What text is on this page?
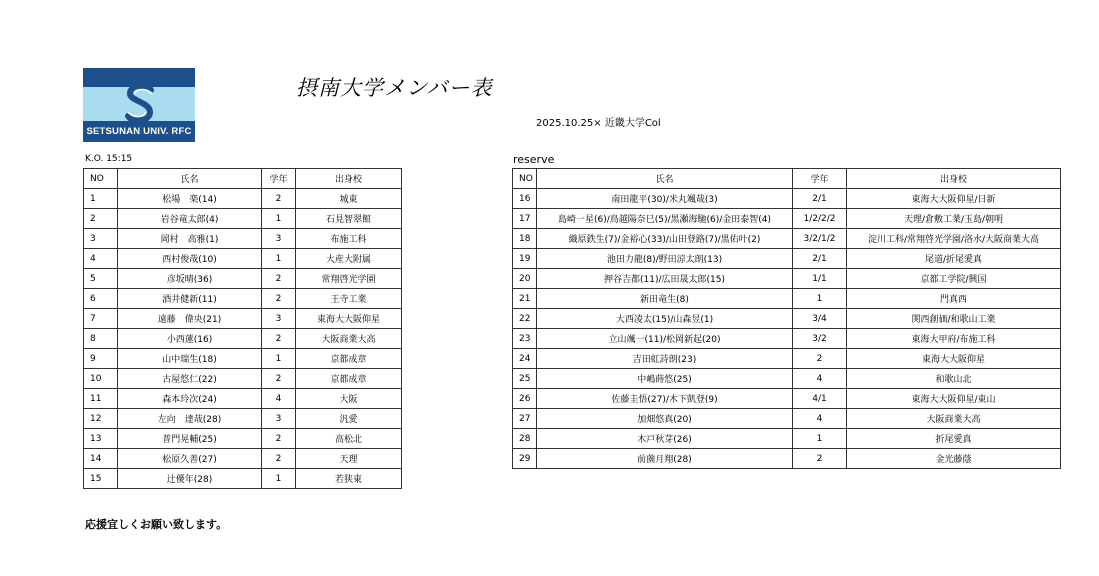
SETSUNAN UNIV. RFC
摂南大学メンバー表
2025.10.25× 近畿大学Col
K.O. 15:15	reserve
NO	氏名	学年	出身校
1	松場　楽(14)	2	城東
2	岩谷竜太郎(4)	1	石見智翠館
3	岡村　高雅(1)	3	布施工科
4	西村俊哉(10)	1	大産大附属
5	彦坂晴(36)	2	常翔啓光学園
6	酒井健新(11)	2	王寺工業
7	遠藤　偉央(21)	3	東海大大阪仰星
8	小西蓮(16)	2	大阪商業大高
9	山中瑞生(18)	1	京都成章
10	古屋悠仁(22)	2	京都成章
11	森本玲次(24)	4	大阪
12	左向　達哉(28)	3	汎愛
13	普門晃輔(25)	2	高松北
14	松原久善(27)	2	天理
15	辻優年(28)	1	若狭東
NO	氏名	学年	出身校
16	南田龍平(30)/米丸颯哉(3)	2/1	東海大大阪仰星/日新
17	島崎一星(6)/鳥越陽奈巳(5)/黒瀬海馳(6)/金田泰智(4)	1/2/2/2	天理/倉敷工業/玉島/朝明
18	織原鉄生(7)/金裕心(33)/山田登路(7)/黒佑叶(2)	3/2/1/2	淀川工科/常翔啓光学園/洛水/大阪商業大高
19	池田力龍(8)/野田涼太朗(13)	2/1	尾道/折尾愛真
20	押谷吉都(11)/広田晟太郎(15)	1/1	京都工学院/興国
21	新田竜生(8)	1	門真西
22	大西凌太(15)/山森昱(1)	3/4	関西創価/和歌山工業
23	立山颯一(11)/松岡新起(20)	3/2	東海大甲府/布施工科
24	吉田虹詩朗(23)	2	東海大大阪仰星
25	中嶋蒔悠(25)	4	和歌山北
26	佐藤圭悟(27)/木下凱登(9)	4/1	東海大大阪仰星/東山
27	加畑悠真(20)	4	大阪商業大高
28	木戸秋芽(26)	1	折尾愛真
29	前薗月翔(28)	2	金光藤蔭
応援宜しくお願い致します。
